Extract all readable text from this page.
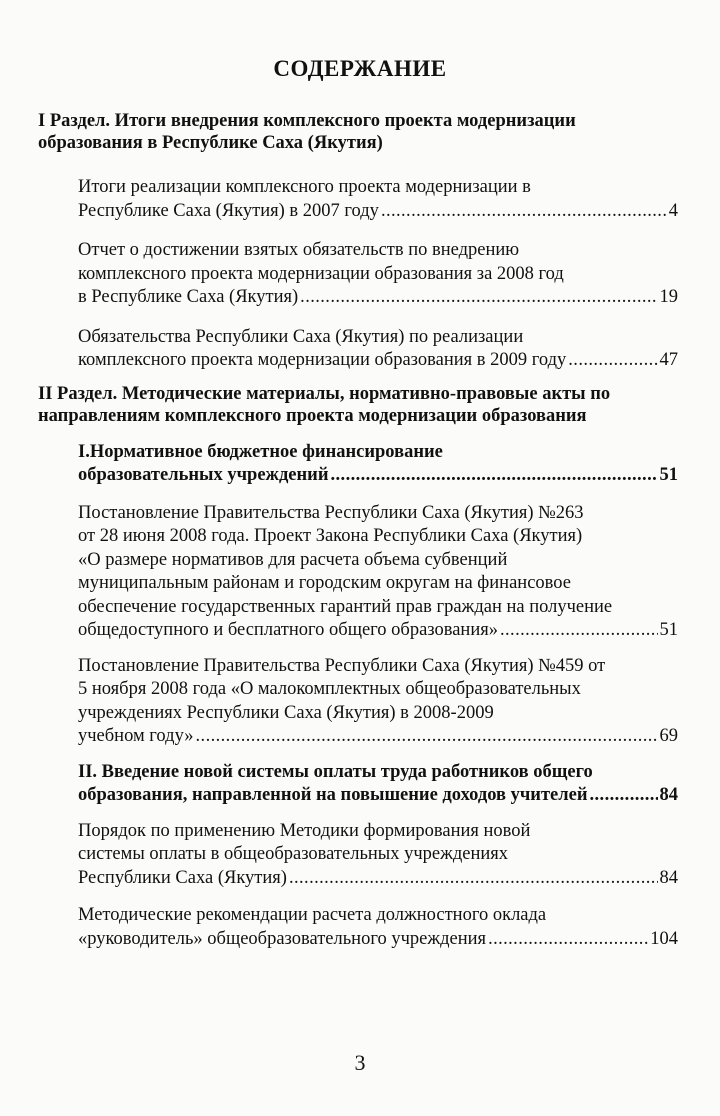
СОДЕРЖАНИЕ
I Раздел. Итоги внедрения комплексного проекта модернизации
образования в Республике Саха (Якутия)
Итоги реализации комплексного проекта модернизации в
Республике Саха (Якутия) в 2007 году .....	4
Отчет о достижении взятых обязательств по внедрению
комплексного проекта модернизации образования за 2008 год
в Республике Саха (Якутия) .....	19
Обязательства Республики Саха (Якутия) по реализации
комплексного проекта модернизации образования в 2009 году .....	47
II Раздел. Методические материалы, нормативно-правовые акты по
направлениям комплексного проекта модернизации образования
I.Нормативное бюджетное финансирование
образовательных учреждений .....	51
Постановление Правительства Республики Саха (Якутия) №263
от 28 июня 2008 года. Проект Закона Республики Саха (Якутия)
«О размере нормативов для расчета объема субвенций
муниципальным районам и городским округам на финансовое
обеспечение государственных гарантий прав граждан на получение
общедоступного и бесплатного общего образования» .....	51
Постановление Правительства Республики Саха (Якутия) №459 от
5 ноября 2008 года «О малокомплектных общеобразовательных
учреждениях Республики Саха (Якутия) в 2008-2009
учебном году» .....	69
II. Введение новой системы оплаты труда работников общего
образования, направленной на повышение доходов учителей .....	84
Порядок по применению Методики формирования новой
системы оплаты в общеобразовательных учреждениях
Республики Саха (Якутия) .....	84
Методические рекомендации расчета должностного оклада
«руководитель» общеобразовательного учреждения .....	104
3
